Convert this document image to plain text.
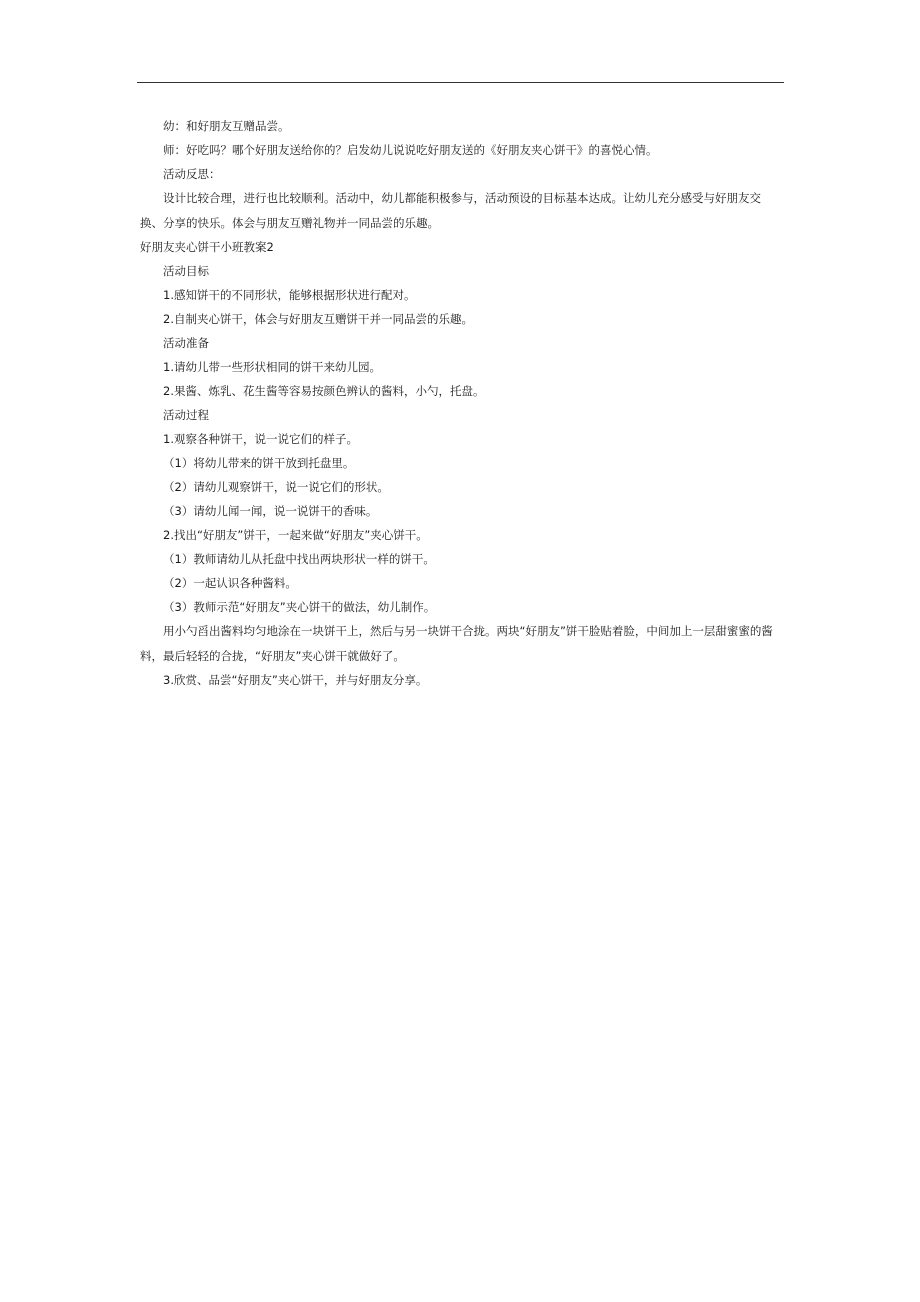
幼：和好朋友互赠品尝。

师：好吃吗？哪个好朋友送给你的？启发幼儿说说吃好朋友送的《好朋友夹心饼干》的喜悦心情。

活动反思：

设计比较合理，进行也比较顺利。活动中，幼儿都能积极参与，活动预设的目标基本达成。让幼儿充分感受与好朋友交换、分享的快乐。体会与朋友互赠礼物并一同品尝的乐趣。

好朋友夹心饼干小班教案2

活动目标

1.感知饼干的不同形状，能够根据形状进行配对。

2.自制夹心饼干，体会与好朋友互赠饼干并一同品尝的乐趣。

活动准备

1.请幼儿带一些形状相同的饼干来幼儿园。

2.果酱、炼乳、花生酱等容易按颜色辨认的酱料，小勺，托盘。

活动过程

1.观察各种饼干，说一说它们的样子。

（1）将幼儿带来的饼干放到托盘里。

（2）请幼儿观察饼干，说一说它们的形状。

（3）请幼儿闻一闻，说一说饼干的香味。

2.找出“好朋友”饼干，一起来做“好朋友”夹心饼干。

（1）教师请幼儿从托盘中找出两块形状一样的饼干。

（2）一起认识各种酱料。

（3）教师示范“好朋友”夹心饼干的做法，幼儿制作。

用小勺舀出酱料均匀地涂在一块饼干上，然后与另一块饼干合拢。两块“好朋友”饼干脸贴着脸，中间加上一层甜蜜蜜的酱料，最后轻轻的合拢，“好朋友”夹心饼干就做好了。

3.欣赏、品尝“好朋友”夹心饼干，并与好朋友分享。
